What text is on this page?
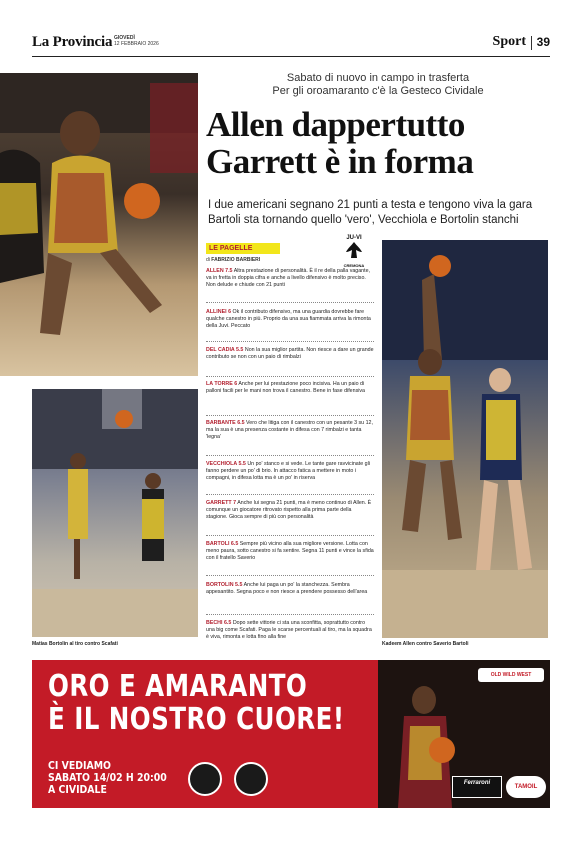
La Provincia GIOVEDÌ
12 FEBBRAIO 2026	Sport 39
Matías Bortolin al tiro contro Scafati	Kadeem Allen contro Saverio Bartoli
Sabato di nuovo in campo in trasferta
Per gli oroamaranto c'è la Gesteco Cividale
Allen dappertutto
Garrett è in forma
I due americani segnano 21 punti a testa e tengono viva la gara
Bartoli sta tornando quello 'vero', Vecchiola e Bortolin stanchi
LE PAGELLE
di FABRIZIO BARBIERI
JU-VI
CREMONA
ALLEN 7.5 Altra prestazione di personalità. È il re della palla vagante, va in fretta in doppia cifra e anche a livello difensivo è molto preciso. Non delude e chiude con 21 punti
ALLINEI 6 Ok il contributo difensivo, ma una guardia dovrebbe fare qualche canestro in più. Proprio da una sua fiammata arriva la rimonta della Juvi. Peccato
DEL CADIA 5.5 Non la sua miglior partita. Non riesce a dare un grande contributo se non con un paio di rimbalzi
LA TORRE 6 Anche per lui prestazione poco incisiva. Ha un paio di palloni facili per le mani non trova il canestro. Bene in fase difensiva
BARBANTE 6.5 Vero che litiga con il canestro con un pesante 3 su 12, ma la sua è una presenza costante in difesa con 7 rimbalzi e tanta 'legna'
VECCHIOLA 5.5 Un po' stanco e si vede. Le tante gare ravvicinate gli fanno perdere un po' di brio. In attacco fatica a mettere in moto i compagni, in difesa lotta ma è un po' in riserva
GARRETT 7 Anche lui segna 21 punti, ma è meno continuo di Allen. È comunque un giocatore ritrovato rispetto alla prima parte della stagione. Gioca sempre di più con personalità
BARTOLI 6.5 Sempre più vicino alla sua migliore versione. Lotta con meno paura, sotto canestro si fa sentire. Segna 11 punti e vince la sfida con il fratello Saverio
BORTOLIN 5.5 Anche lui paga un po' la stanchezza. Sembra appesantito. Segna poco e non riesce a prendere possesso dell'area
BECHI 6.5 Dopo sette vittorie ci sta una sconfitta, soprattutto contro una big come Scafati. Paga le scarse percentuali al tiro, ma la squadra è viva, rimonta e lotta fino alla fine
ORO E AMARANTO
È IL NOSTRO CUORE!
CI VEDIAMO
SABATO 14/02 H 20:00
A CIVIDALE
OLD WILD WEST
Ferraroni
TAMOIL
